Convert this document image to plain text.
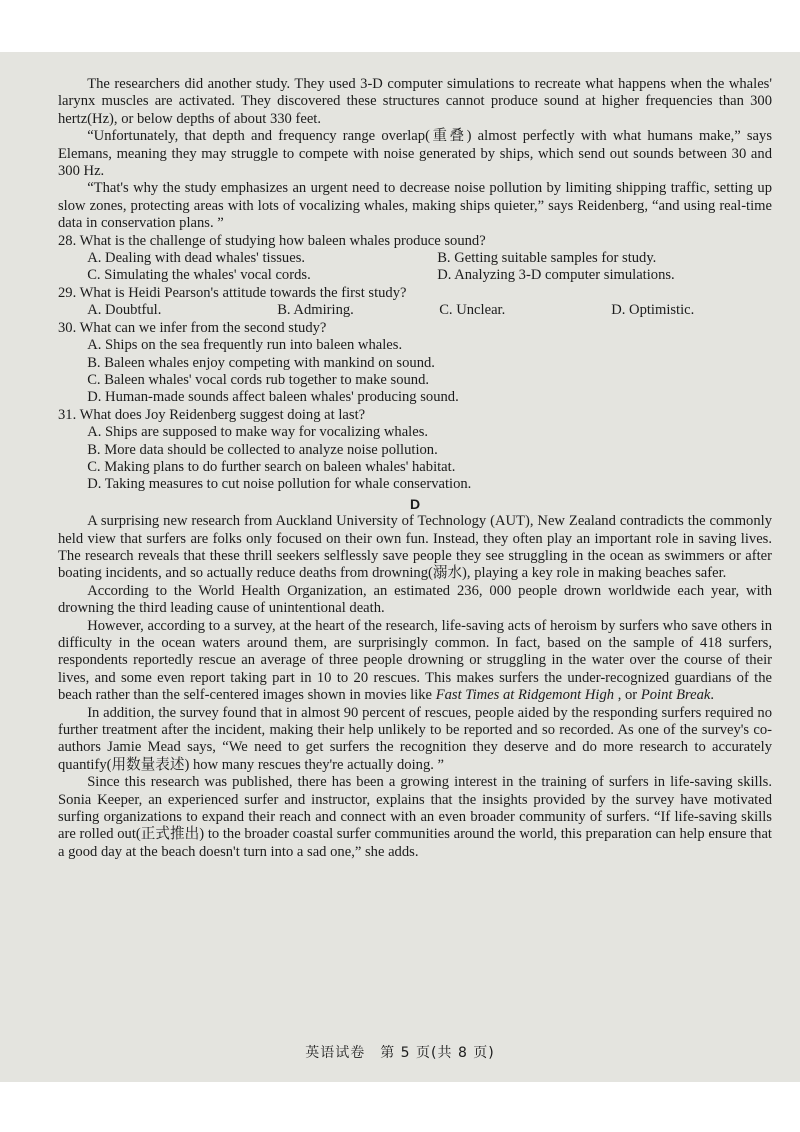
The researchers did another study. They used 3-D computer simulations to recreate what happens when the whales' larynx muscles are activated. They discovered these structures cannot produce sound at higher frequencies than 300 hertz(Hz), or below depths of about 330 feet.

“Unfortunately, that depth and frequency range overlap(重叠) almost perfectly with what humans make,” says Elemans, meaning they may struggle to compete with noise generated by ships, which send out sounds between 30 and 300 Hz.

“That's why the study emphasizes an urgent need to decrease noise pollution by limiting shipping traffic, setting up slow zones, protecting areas with lots of vocalizing whales, making ships quieter,” says Reidenberg, “and using real-time data in conservation plans. ”

28. What is the challenge of studying how baleen whales produce sound?
A. Dealing with dead whales' tissues.	B. Getting suitable samples for study.
C. Simulating the whales' vocal cords.	D. Analyzing 3-D computer simulations.
29. What is Heidi Pearson's attitude towards the first study?
A. Doubtful.	B. Admiring.	C. Unclear.	D. Optimistic.
30. What can we infer from the second study?
A. Ships on the sea frequently run into baleen whales.
B. Baleen whales enjoy competing with mankind on sound.
C. Baleen whales' vocal cords rub together to make sound.
D. Human-made sounds affect baleen whales' producing sound.
31. What does Joy Reidenberg suggest doing at last?
A. Ships are supposed to make way for vocalizing whales.
B. More data should be collected to analyze noise pollution.
C. Making plans to do further search on baleen whales' habitat.
D. Taking measures to cut noise pollution for whale conservation.
D

A surprising new research from Auckland University of Technology (AUT), New Zealand contradicts the commonly held view that surfers are folks only focused on their own fun. Instead, they often play an important role in saving lives. The research reveals that these thrill seekers selflessly save people they see struggling in the ocean as swimmers or after boating incidents, and so actually reduce deaths from drowning(溺水), playing a key role in making beaches safer.

According to the World Health Organization, an estimated 236, 000 people drown worldwide each year, with drowning the third leading cause of unintentional death.

However, according to a survey, at the heart of the research, life-saving acts of heroism by surfers who save others in difficulty in the ocean waters around them, are surprisingly common. In fact, based on the sample of 418 surfers, respondents reportedly rescue an average of three people drowning or struggling in the water over the course of their lives, and some even report taking part in 10 to 20 rescues. This makes surfers the under-recognized guardians of the beach rather than the self-centered images shown in movies like Fast Times at Ridgemont High , or Point Break.

In addition, the survey found that in almost 90 percent of rescues, people aided by the responding surfers required no further treatment after the incident, making their help unlikely to be reported and so recorded. As one of the survey's co-authors Jamie Mead says, “We need to get surfers the recognition they deserve and do more research to accurately quantify(用数量表述) how many rescues they're actually doing. ”

Since this research was published, there has been a growing interest in the training of surfers in life-saving skills. Sonia Keeper, an experienced surfer and instructor, explains that the insights provided by the survey have motivated surfing organizations to expand their reach and connect with an even broader community of surfers. “If life-saving skills are rolled out(正式推出) to the broader coastal surfer communities around the world, this preparation can help ensure that a good day at the beach doesn't turn into a sad one,” she adds.

英语试卷　第 5 页(共 8 页)
